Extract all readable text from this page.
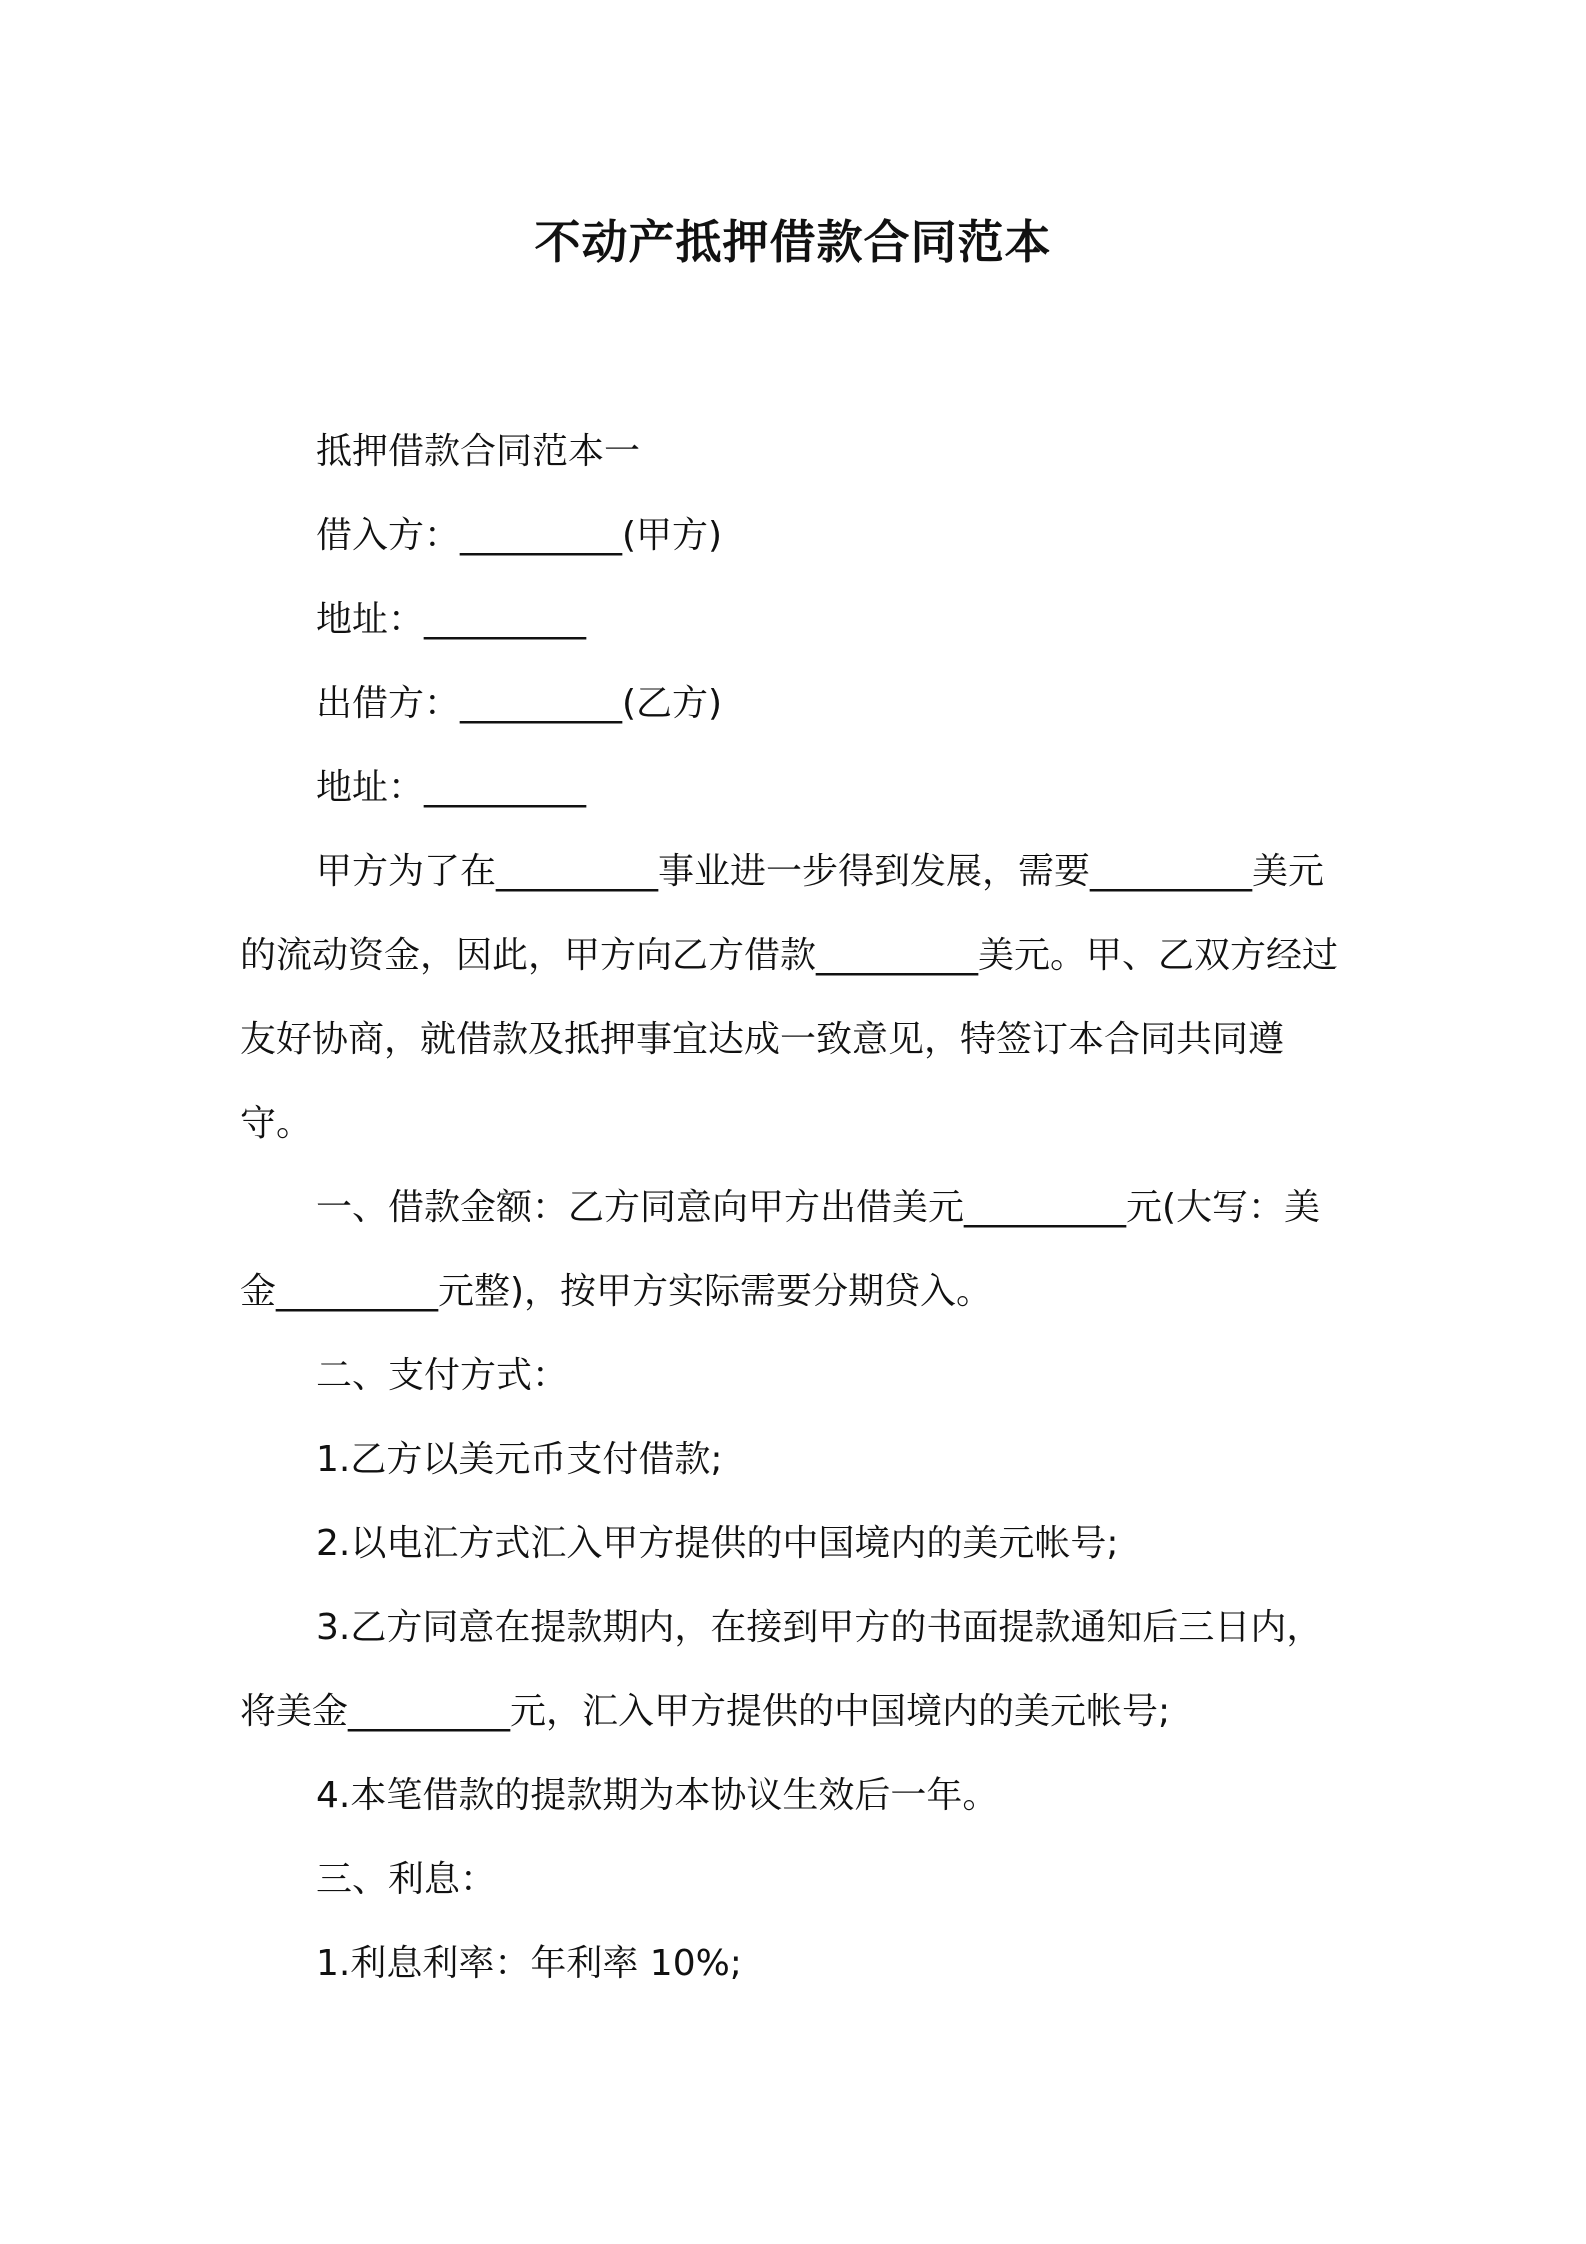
不动产抵押借款合同范本

抵押借款合同范本一

借入方：_________(甲方)

地址：_________

出借方：_________(乙方)

地址：_________

甲方为了在_________事业进一步得到发展，需要_________美元的流动资金，因此，甲方向乙方借款_________美元。甲、乙双方经过友好协商，就借款及抵押事宜达成一致意见，特签订本合同共同遵守。

一、借款金额：乙方同意向甲方出借美元_________元(大写：美金_________元整)，按甲方实际需要分期贷入。

二、支付方式：

1.乙方以美元币支付借款;

2.以电汇方式汇入甲方提供的中国境内的美元帐号;

3.乙方同意在提款期内，在接到甲方的书面提款通知后三日内，将美金_________元，汇入甲方提供的中国境内的美元帐号;

4.本笔借款的提款期为本协议生效后一年。

三、利息：

1.利息利率：年利率 10%;
